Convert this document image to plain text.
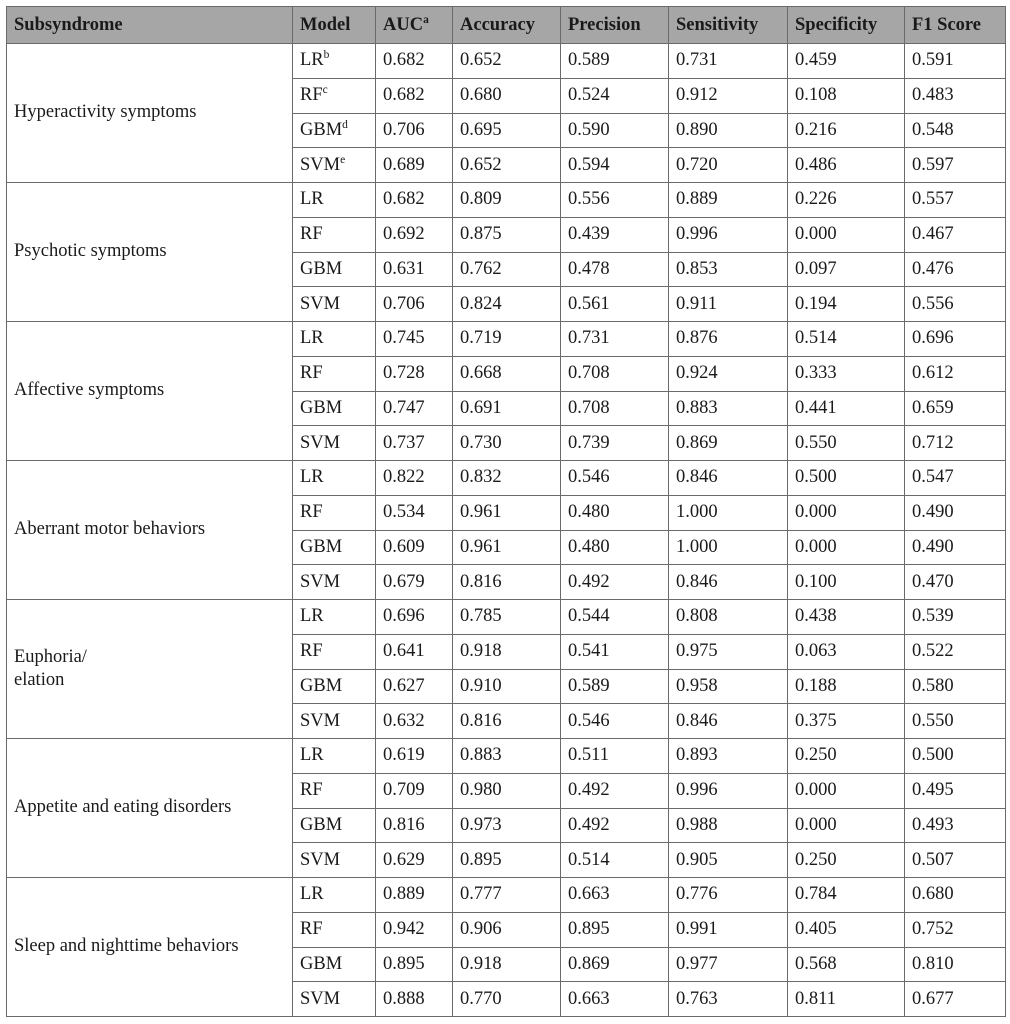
Subsyndrome	Model	AUC$^a$	Accuracy	Precision	Sensitivity	Specificity	F1 Score

Hyperactivity symptoms	$LR^b$	0.682	0.652	0.589	0.731	0.459	0.591
	$RF^c$	0.682	0.680	0.524	0.912	0.108	0.483
	GBM$^d$	0.706	0.695	0.590	0.890	0.216	0.548
	SVM$^e$	0.689	0.652	0.594	0.720	0.486	0.597

Psychotic symptoms	LR	0.682	0.809	0.556	0.889	0.226	0.557
	RF	0.692	0.875	0.439	0.996	0.000	0.467
	GBM	0.631	0.762	0.478	0.853	0.097	0.476
	SVM	0.706	0.824	0.561	0.911	0.194	0.556

Affective symptoms	LR	0.745	0.719	0.731	0.876	0.514	0.696
	RF	0.728	0.668	0.708	0.924	0.333	0.612
	GBM	0.747	0.691	0.708	0.883	0.441	0.659
	SVM	0.737	0.730	0.739	0.869	0.550	0.712

Aberrant motor behaviors	LR	0.822	0.832	0.546	0.846	0.500	0.547
	RF	0.534	0.961	0.480	1.000	0.000	0.490
	GBM	0.609	0.961	0.480	1.000	0.000	0.490
	SVM	0.679	0.816	0.492	0.846	0.100	0.470

Euphoria/
elation	LR	0.696	0.785	0.544	0.808	0.438	0.539
	RF	0.641	0.918	0.541	0.975	0.063	0.522
	GBM	0.627	0.910	0.589	0.958	0.188	0.580
	SVM	0.632	0.816	0.546	0.846	0.375	0.550

Appetite and eating disorders	LR	0.619	0.883	0.511	0.893	0.250	0.500
	RF	0.709	0.980	0.492	0.996	0.000	0.495
	GBM	0.816	0.973	0.492	0.988	0.000	0.493
	SVM	0.629	0.895	0.514	0.905	0.250	0.507

Sleep and nighttime behaviors	LR	0.889	0.777	0.663	0.776	0.784	0.680
	RF	0.942	0.906	0.895	0.991	0.405	0.752
	GBM	0.895	0.918	0.869	0.977	0.568	0.810
	SVM	0.888	0.770	0.663	0.763	0.811	0.677
